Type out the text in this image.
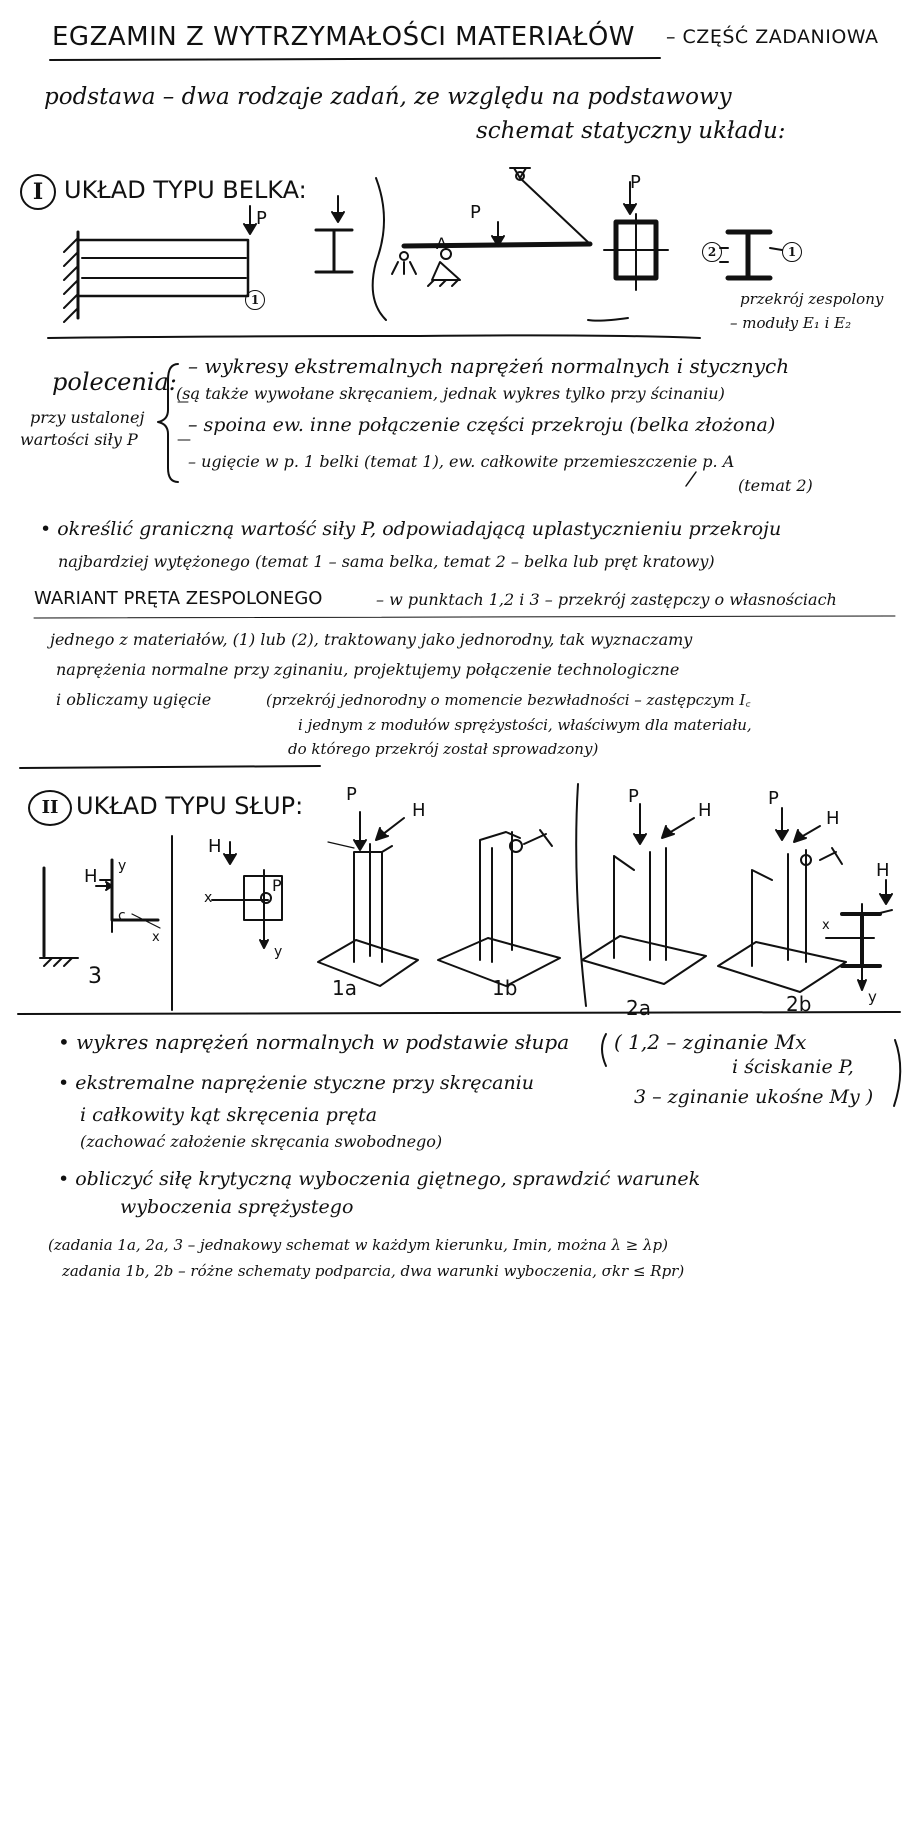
EGZAMIN Z WYTRZYMAŁOŚCI MATERIAŁÓW – CZĘŚĆ ZADANIOWA
podstawa – dwa rodzaje zadań, ze względu na podstawowy
schemat statyczny układu:
I UKŁAD TYPU BELKA:
P
1
P
A
P
2	1
przekrój zespolony
– moduły E₁ i E₂
polecenia:
przy ustalonej
wartości siły P
– wykresy ekstremalnych naprężeń normalnych i stycznych
(są także wywołane skręcaniem, jednak wykres tylko przy ścinaniu)
– spoina ew. inne połączenie części przekroju (belka złożona)
– ugięcie w p. 1 belki (temat 1), ew. całkowite przemieszczenie p. A
(temat 2)
• określić graniczną wartość siły P, odpowiadającą uplastycznieniu przekroju
najbardziej wytężonego (temat 1 – sama belka, temat 2 – belka lub pręt kratowy)
WARIANT PRĘTA ZESPOLONEGO	– w punktach 1,2 i 3 – przekrój zastępczy o własnościach
jednego z materiałów, (1) lub (2), traktowany jako jednorodny, tak wyznaczamy
naprężenia normalne przy zginaniu, projektujemy połączenie technologiczne
i obliczamy ugięcie	(przekrój jednorodny o momencie bezwładności – zastępczym I꜀
i jednym z modułów sprężystości, właściwym dla materiału,
do którego przekrój został sprowadzony)
II UKŁAD TYPU SŁUP:
H y
c
x
3
H
x
P
y
P
H
1a	1b
P
H
2a
P
H
2b
H
x
y
• wykres naprężeń normalnych w podstawie słupa
• ekstremalne naprężenie styczne przy skręcaniu
i całkowity kąt skręcenia pręta
(zachować założenie skręcania swobodnego)
• obliczyć siłę krytyczną wyboczenia giętnego, sprawdzić warunek
wyboczenia sprężystego
( 1,2 – zginanie Mx
i ściskanie P,
3 – zginanie ukośne My )
(zadania 1a, 2a, 3 – jednakowy schemat w każdym kierunku, Imin, można λ ≥ λp)
zadania 1b, 2b – różne schematy podparcia, dwa warunki wyboczenia, σkr ≤ Rpr)
